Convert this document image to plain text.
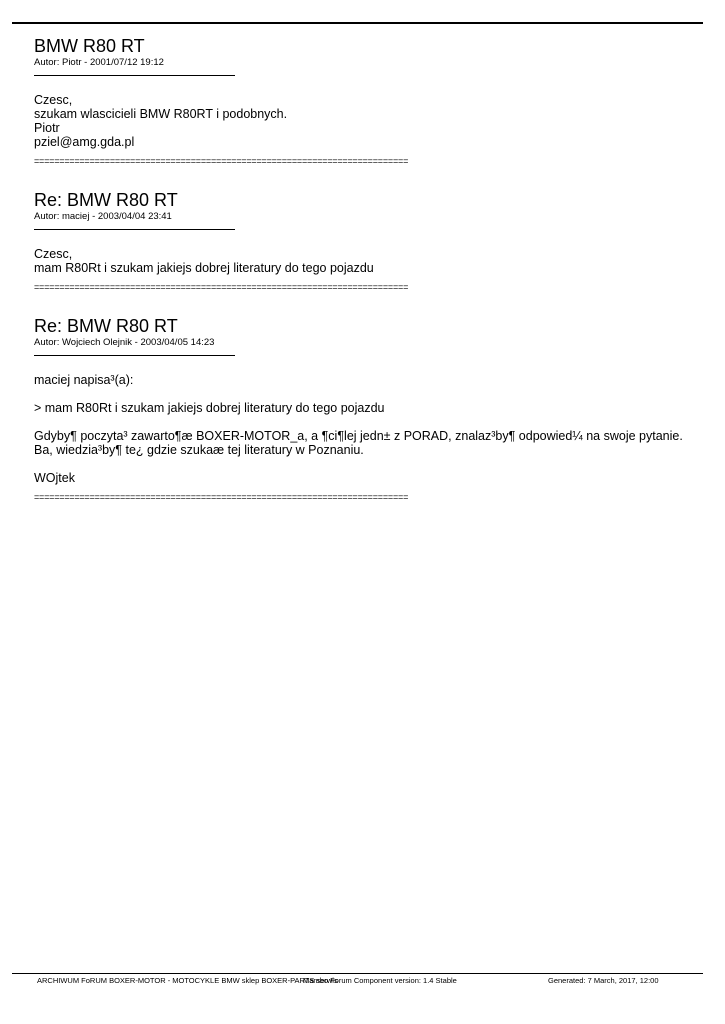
BMW R80 RT
Autor: Piotr - 2001/07/12 19:12

Czesc,

szukam wlascicieli BMW R80RT i podobnych.

Piotr

pziel@amg.gda.pl

==========================================================================
Re: BMW R80 RT
Autor: maciej - 2003/04/04 23:41

Czesc,

mam R80Rt i szukam jakiejs dobrej literatury do tego pojazdu

==========================================================================
Re: BMW R80 RT
Autor: Wojciech Olejnik - 2003/04/05 14:23

maciej napisa³(a):

> mam R80Rt i szukam jakiejs dobrej literatury do tego pojazdu

Gdyby¶ poczyta³ zawarto¶æ BOXER-MOTOR_a, a ¶ci¶lej jedn± z PORAD, znalaz³by¶ odpowied¼ na swoje pytanie. Ba, wiedzia³by¶ te¿ gdzie szukaæ tej literatury w Poznaniu.

WOjtek

==========================================================================
ARCHIWUM FoRUM BOXER-MOTOR - MOTOCYKLE BMW sklep BOXER-PARTS serwis
Mambo Forum Component version: 1.4 Stable	Generated: 7 March, 2017, 12:00
